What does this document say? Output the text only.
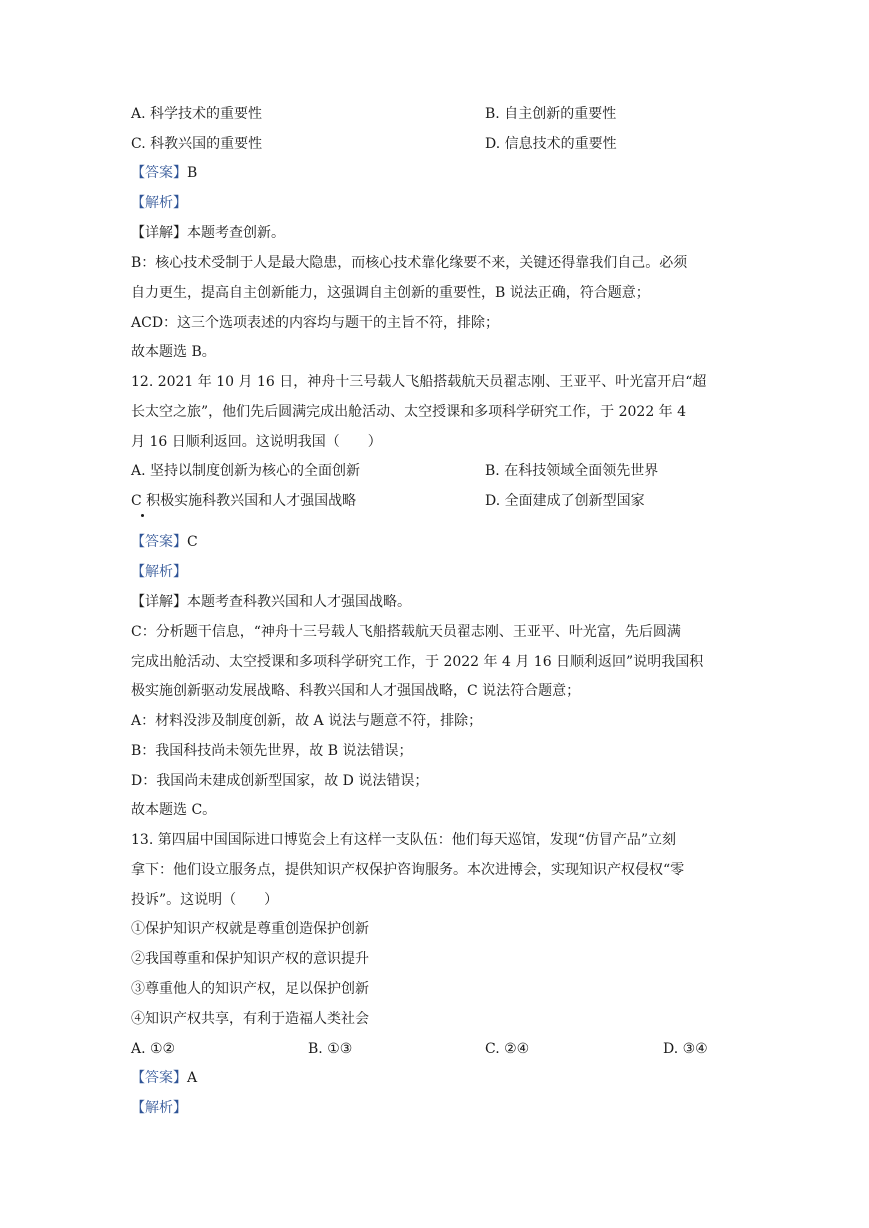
A. 科学技术的重要性	B. 自主创新的重要性
C. 科教兴国的重要性	D. 信息技术的重要性
【答案】B
【解析】
【详解】本题考查创新。
B：核心技术受制于人是最大隐患，而核心技术靠化缘要不来，关键还得靠我们自己。必须
自力更生，提高自主创新能力，这强调自主创新的重要性，B 说法正确，符合题意；
ACD：这三个选项表述的内容均与题干的主旨不符，排除；
故本题选 B。
12. 2021 年 10 月 16 日，神舟十三号载人飞船搭载航天员翟志刚、王亚平、叶光富开启“超
长太空之旅”，他们先后圆满完成出舱活动、太空授课和多项科学研究工作，于 2022 年 4
月 16 日顺利返回。这说明我国（　　）
A. 坚持以制度创新为核心的全面创新	B. 在科技领域全面领先世界
C 积极实施科教兴国和人才强国战略	D. 全面建成了创新型国家
【答案】C
【解析】
【详解】本题考查科教兴国和人才强国战略。
C：分析题干信息，“神舟十三号载人飞船搭载航天员翟志刚、王亚平、叶光富，先后圆满
完成出舱活动、太空授课和多项科学研究工作，于 2022 年 4 月 16 日顺利返回”说明我国积
极实施创新驱动发展战略、科教兴国和人才强国战略，C 说法符合题意；
A：材料没涉及制度创新，故 A 说法与题意不符，排除；
B：我国科技尚未领先世界，故 B 说法错误；
D：我国尚未建成创新型国家，故 D 说法错误；
故本题选 C。
13. 第四届中国国际进口博览会上有这样一支队伍：他们每天巡馆，发现“仿冒产品”立刻
拿下：他们设立服务点，提供知识产权保护咨询服务。本次进博会，实现知识产权侵权“零
投诉”。这说明（　　）
①保护知识产权就是尊重创造保护创新
②我国尊重和保护知识产权的意识提升
③尊重他人的知识产权，足以保护创新
④知识产权共享，有利于造福人类社会
A. ①②	B. ①③	C. ②④	D. ③④
【答案】A
【解析】
